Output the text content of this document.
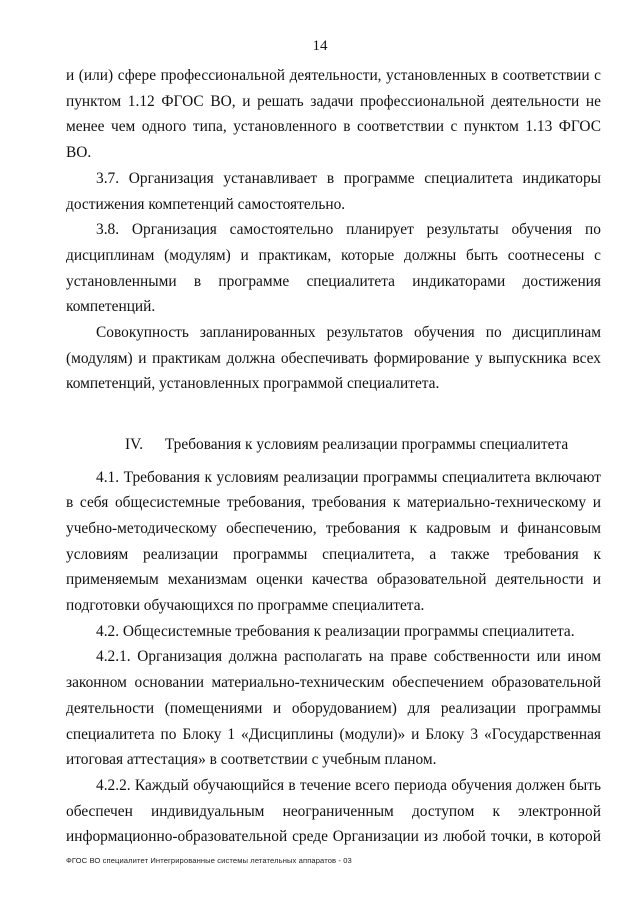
14

и (или) сфере профессиональной деятельности, установленных в соответствии с пунктом 1.12 ФГОС ВО, и решать задачи профессиональной деятельности не менее чем одного типа, установленного в соответствии с пунктом 1.13 ФГОС ВО.

3.7. Организация устанавливает в программе специалитета индикаторы достижения компетенций самостоятельно.

3.8. Организация самостоятельно планирует результаты обучения по дисциплинам (модулям) и практикам, которые должны быть соотнесены с установленными в программе специалитета индикаторами достижения компетенций.

Совокупность запланированных результатов обучения по дисциплинам (модулям) и практикам должна обеспечивать формирование у выпускника всех компетенций, установленных программой специалитета.

IV. Требования к условиям реализации программы специалитета

4.1. Требования к условиям реализации программы специалитета включают в себя общесистемные требования, требования к материально-техническому и учебно-методическому обеспечению, требования к кадровым и финансовым условиям реализации программы специалитета, а также требования к применяемым механизмам оценки качества образовательной деятельности и подготовки обучающихся по программе специалитета.

4.2. Общесистемные требования к реализации программы специалитета.

4.2.1. Организация должна располагать на праве собственности или ином законном основании материально-техническим обеспечением образовательной деятельности (помещениями и оборудованием) для реализации программы специалитета по Блоку 1 «Дисциплины (модули)» и Блоку 3 «Государственная итоговая аттестация» в соответствии с учебным планом.

4.2.2. Каждый обучающийся в течение всего периода обучения должен быть обеспечен индивидуальным неограниченным доступом к электронной информационно-образовательной среде Организации из любой точки, в которой

ФГОС ВО специалитет Интегрированные системы летательных аппаратов - 03
